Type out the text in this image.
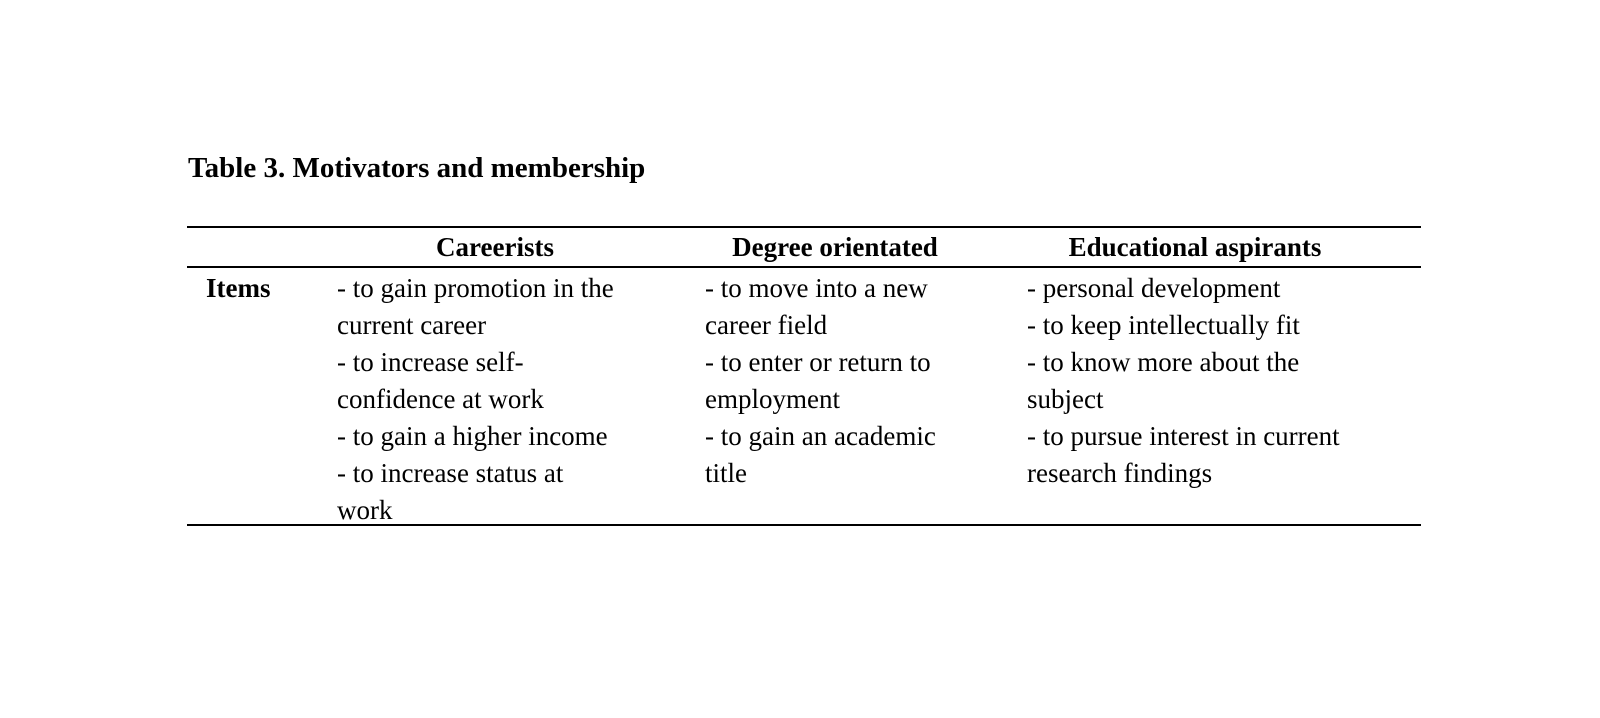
Table 3. Motivators and membership
Careerists	Degree orientated	Educational aspirants
Items - to gain promotion in the
current career
- to increase self-
confidence at work
- to gain a higher income
- to increase status at
work
- to move into a new
career field
- to enter or return to
employment
- to gain an academic
title
- personal development
- to keep intellectually fit
- to know more about the
subject
- to pursue interest in current
research findings
